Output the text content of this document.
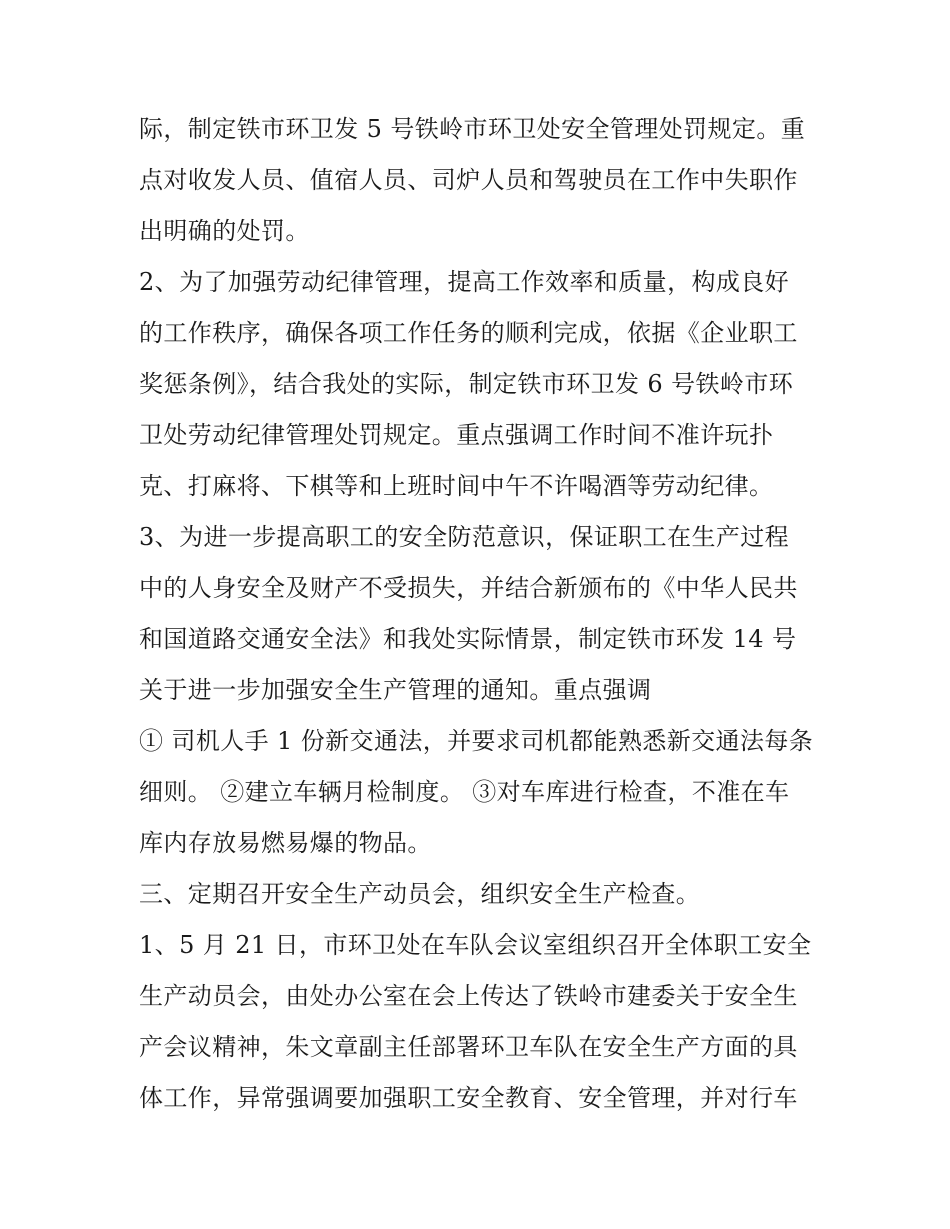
际，制定铁市环卫发 5 号铁岭市环卫处安全管理处罚规定。重
点对收发人员、值宿人员、司炉人员和驾驶员在工作中失职作
出明确的处罚。
2、为了加强劳动纪律管理，提高工作效率和质量，构成良好
的工作秩序，确保各项工作任务的顺利完成，依据《企业职工
奖惩条例》，结合我处的实际，制定铁市环卫发 6 号铁岭市环
卫处劳动纪律管理处罚规定。重点强调工作时间不准许玩扑
克、打麻将、下棋等和上班时间中午不许喝酒等劳动纪律。
3、为进一步提高职工的安全防范意识，保证职工在生产过程
中的人身安全及财产不受损失，并结合新颁布的《中华人民共
和国道路交通安全法》和我处实际情景，制定铁市环发 14 号
关于进一步加强安全生产管理的通知。重点强调
① 司机人手 1 份新交通法，并要求司机都能熟悉新交通法每条
细则。 ②建立车辆月检制度。 ③对车库进行检查，不准在车
库内存放易燃易爆的物品。
三、定期召开安全生产动员会，组织安全生产检查。
1、5 月 21 日，市环卫处在车队会议室组织召开全体职工安全
生产动员会，由处办公室在会上传达了铁岭市建委关于安全生
产会议精神，朱文章副主任部署环卫车队在安全生产方面的具
体工作，异常强调要加强职工安全教育、安全管理，并对行车
